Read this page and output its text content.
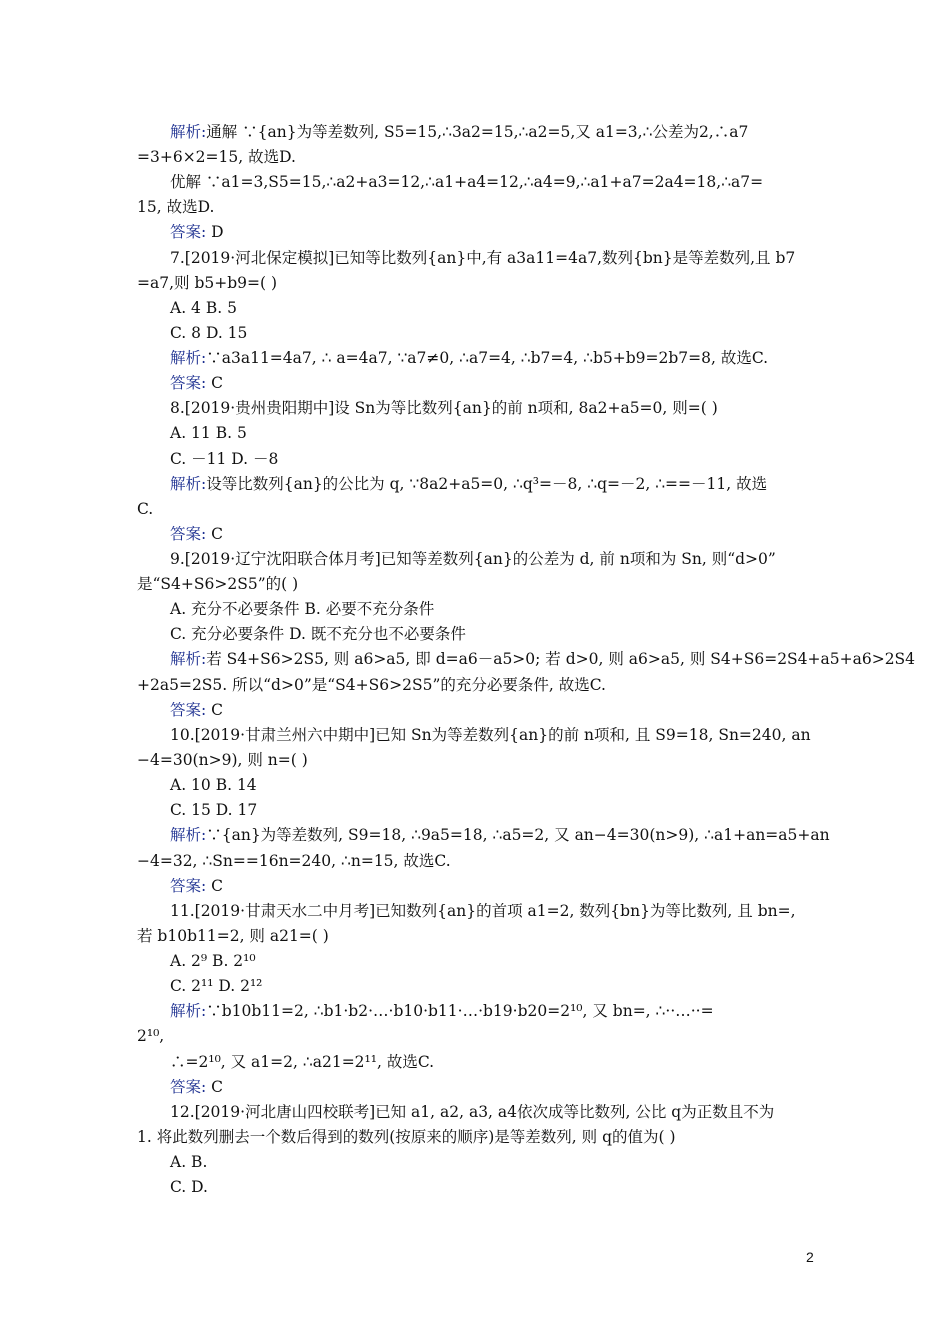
解析:通解 ∵{an}为等差数列, S5=15,∴3a2=15,∴a2=5,又 a1=3,∴公差为2,∴a7
=3+6×2=15, 故选D.
优解 ∵a1=3,S5=15,∴a2+a3=12,∴a1+a4=12,∴a4=9,∴a1+a7=2a4=18,∴a7=
15, 故选D.
答案: D
7.[2019·河北保定模拟]已知等比数列{an}中,有 a3a11=4a7,数列{bn}是等差数列,且 b7
=a7,则 b5+b9=( )
A. 4 B. 5
C. 8 D. 15
解析:∵a3a11=4a7, ∴ a=4a7, ∵a7≠0, ∴a7=4, ∴b7=4, ∴b5+b9=2b7=8, 故选C.
答案: C
8.[2019·贵州贵阳期中]设 Sn为等比数列{an}的前 n项和, 8a2+a5=0, 则=( )
A. 11 B. 5
C. －11 D. －8
解析:设等比数列{an}的公比为 q, ∵8a2+a5=0, ∴q³=－8, ∴q=－2, ∴==－11, 故选
C.
答案: C
9.[2019·辽宁沈阳联合体月考]已知等差数列{an}的公差为 d, 前 n项和为 Sn, 则“d>0”
是“S4+S6>2S5”的( )
A. 充分不必要条件 B. 必要不充分条件
C. 充分必要条件 D. 既不充分也不必要条件
解析:若 S4+S6>2S5, 则 a6>a5, 即 d=a6－a5>0; 若 d>0, 则 a6>a5, 则 S4+S6=2S4+a5+a6>2S4
+2a5=2S5. 所以“d>0”是“S4+S6>2S5”的充分必要条件, 故选C.
答案: C
10.[2019·甘肃兰州六中期中]已知 Sn为等差数列{an}的前 n项和, 且 S9=18, Sn=240, an
−4=30(n>9), 则 n=( )
A. 10 B. 14
C. 15 D. 17
解析:∵{an}为等差数列, S9=18, ∴9a5=18, ∴a5=2, 又 an−4=30(n>9), ∴a1+an=a5+an
−4=32, ∴Sn==16n=240, ∴n=15, 故选C.
答案: C
11.[2019·甘肃天水二中月考]已知数列{an}的首项 a1=2, 数列{bn}为等比数列, 且 bn=,
若 b10b11=2, 则 a21=( )
A. 2⁹ B. 2¹⁰
C. 2¹¹ D. 2¹²
解析:∵b10b11=2, ∴b1·b2·…·b10·b11·…·b19·b20=2¹⁰, 又 bn=, ∴··…··=
2¹⁰,
∴=2¹⁰, 又 a1=2, ∴a21=2¹¹, 故选C.
答案: C
12.[2019·河北唐山四校联考]已知 a1, a2, a3, a4依次成等比数列, 公比 q为正数且不为
1. 将此数列删去一个数后得到的数列(按原来的顺序)是等差数列, 则 q的值为( )
A. B.
C. D.
2
